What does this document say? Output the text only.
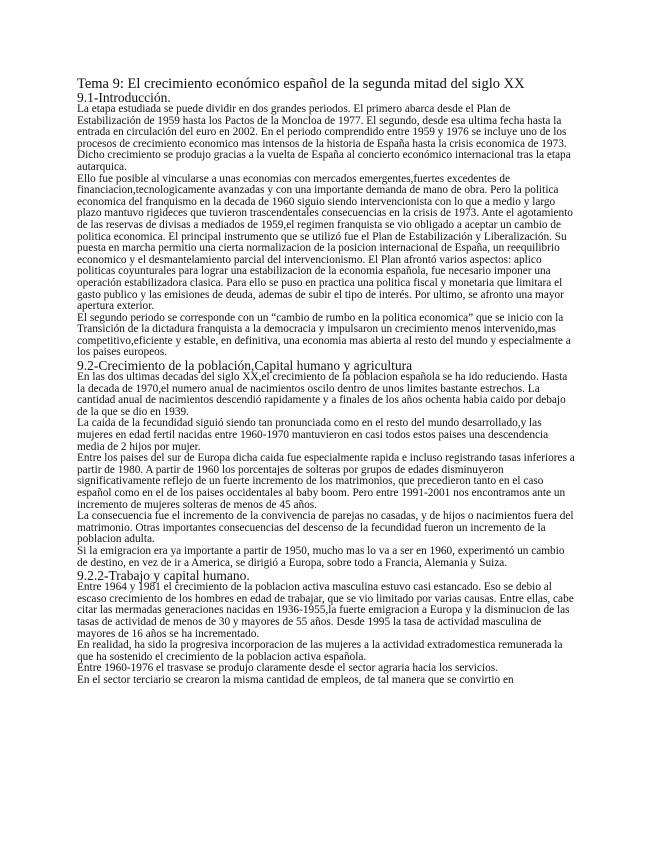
Tema 9: El crecimiento económico español de la segunda mitad del siglo XX
9.1-Introducción.

La etapa estudiada se puede dividir en dos grandes periodos. El primero abarca desde el Plan de Estabilización de 1959 hasta los Pactos de la Moncloa de 1977. El segundo, desde esa ultima fecha hasta la entrada en circulación del euro en 2002. En el periodo comprendido entre 1959 y 1976 se incluye uno de los procesos de crecimiento economico mas intensos de la historia de España hasta la crisis economica de 1973. Dicho crecimiento se produjo gracias a la vuelta de España al concierto económico internacional tras la etapa autarquica.

Ello fue posible al vincularse a unas economias con mercados emergentes,fuertes excedentes de financiacion,tecnologicamente avanzadas y con una importante demanda de mano de obra. Pero la politica economica del franquismo en la decada de 1960 siguio siendo intervencionista con lo que a medio y largo plazo mantuvo rigideces que tuvieron trascendentales consecuencias en la crisis de 1973. Ante el agotamiento de las reservas de divisas a mediados de 1959,el regimen franquista se vio obligado a aceptar un cambio de politica economica. El principal instrumento que se utilizó fue el Plan de Estabilización y Liberalización. Su puesta en marcha permitio una cierta normalizacion de la posicion internacional de España, un reequilibrio economico y el desmantelamiento parcial del intervencionismo. El Plan afrontó varios aspectos: aplico politicas coyunturales para lograr una estabilizacion de la economia española, fue necesario imponer una operación estabilizadora clasica. Para ello se puso en practica una politica fiscal y monetaria que limitara el gasto publico y las emisiones de deuda, ademas de subir el tipo de interés. Por ultimo, se afronto una mayor apertura exterior.

El segundo periodo se corresponde con un “cambio de rumbo en la politica economica” que se inicio con la Transición de la dictadura franquista a la democracia y impulsaron un crecimiento menos intervenido,mas competitivo,eficiente y estable, en definitiva, una economia mas abierta al resto del mundo y especialmente a los paises europeos.

9.2-Crecimiento de la población,Capital humano y agricultura

En las dos ultimas decadas del siglo XX,el crecimiento de la poblacion española se ha ido reduciendo. Hasta la decada de 1970,el numero anual de nacimientos oscilo dentro de unos limites bastante estrechos. La cantidad anual de nacimientos descendió rapidamente y a finales de los años ochenta habia caido por debajo de la que se dio en 1939.

La caida de la fecundidad siguió siendo tan pronunciada como en el resto del mundo desarrollado,y las mujeres en edad fertil nacidas entre 1960-1970 mantuvieron en casi todos estos paises una descendencia media de 2 hijos por mujer.

Entre los paises del sur de Europa dicha caida fue especialmente rapida e incluso registrando tasas inferiores a partir de 1980. A partir de 1960 los porcentajes de solteras por grupos de edades disminuyeron significativamente reflejo de un fuerte incremento de los matrimonios, que precedieron tanto en el caso español como en el de los paises occidentales al baby boom. Pero entre 1991-2001 nos encontramos ante un incremento de mujeres solteras de menos de 45 años.

La consecuencia fue el incremento de la convivencia de parejas no casadas, y de hijos o nacimientos fuera del matrimonio. Otras importantes consecuencias del descenso de la fecundidad fueron un incremento de la poblacion adulta.

Si la emigracion era ya importante a partir de 1950, mucho mas lo va a ser en 1960, experimentó un cambio de destino, en vez de ir a America, se dirigió a Europa, sobre todo a Francia, Alemania y Suiza.

9.2.2-Trabajo y capital humano.

Entre 1964 y 1981 el crecimiento de la poblacion activa masculina estuvo casi estancado. Eso se debio al escaso crecimiento de los hombres en edad de trabajar, que se vio limitado por varias causas. Entre ellas, cabe citar las mermadas generaciones nacidas en 1936-1955,la fuerte emigracion a Europa y la disminucion de las tasas de actividad de menos de 30 y mayores de 55 años. Desde 1995 la tasa de actividad masculina de mayores de 16 años se ha incrementado.

En realidad, ha sido la progresiva incorporacion de las mujeres a la actividad extradomestica remunerada la que ha sostenido el crecimiento de la poblacion activa española.

Entre 1960-1976 el trasvase se produjo claramente desde el sector agraria hacia los servicios.

En el sector terciario se crearon la misma cantidad de empleos, de tal manera que se convirtio en
